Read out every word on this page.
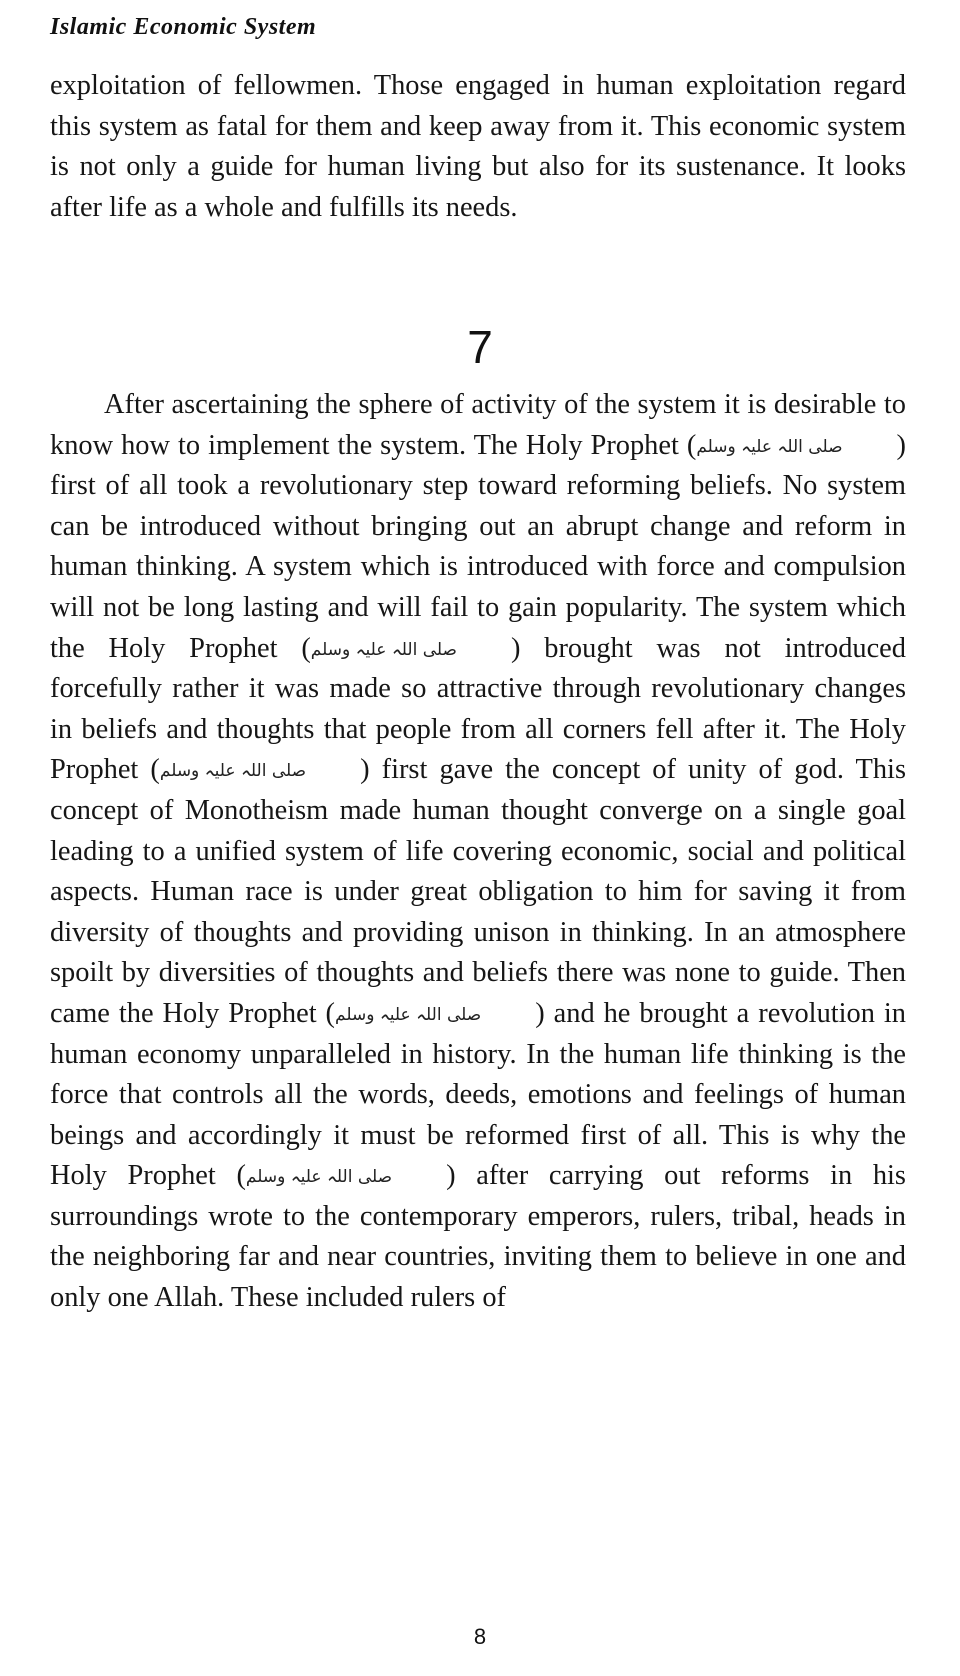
Islamic Economic System

exploitation of fellowmen. Those engaged in human exploitation regard this system as fatal for them and keep away from it. This economic system is not only a guide for human living but also for its sustenance. It looks after life as a whole and fulfills its needs.

7

After ascertaining the sphere of activity of the system it is desirable to know how to implement the system. The Holy Prophet (صلی اللہ علیہ وسلم ) first of all took a revolutionary step toward reforming beliefs. No system can be introduced without bringing out an abrupt change and reform in human thinking. A system which is introduced with force and compulsion will not be long lasting and will fail to gain popularity. The system which the Holy Prophet (صلی اللہ علیہ وسلم ) brought was not introduced forcefully rather it was made so attractive through revolutionary changes in beliefs and thoughts that people from all corners fell after it. The Holy Prophet (صلی اللہ علیہ وسلم ) first gave the concept of unity of god. This concept of Monotheism made human thought converge on a single goal leading to a unified system of life covering economic, social and political aspects. Human race is under great obligation to him for saving it from diversity of thoughts and providing unison in thinking. In an atmosphere spoilt by diversities of thoughts and beliefs there was none to guide. Then came the Holy Prophet (صلی اللہ علیہ وسلم ) and he brought a revolution in human economy unparalleled in history. In the human life thinking is the force that controls all the words, deeds, emotions and feelings of human beings and accordingly it must be reformed first of all. This is why the Holy Prophet (صلی اللہ علیہ وسلم ) after carrying out reforms in his surroundings wrote to the contemporary emperors, rulers, tribal, heads in the neighboring far and near countries, inviting them to believe in one and only one Allah. These included rulers of

8
